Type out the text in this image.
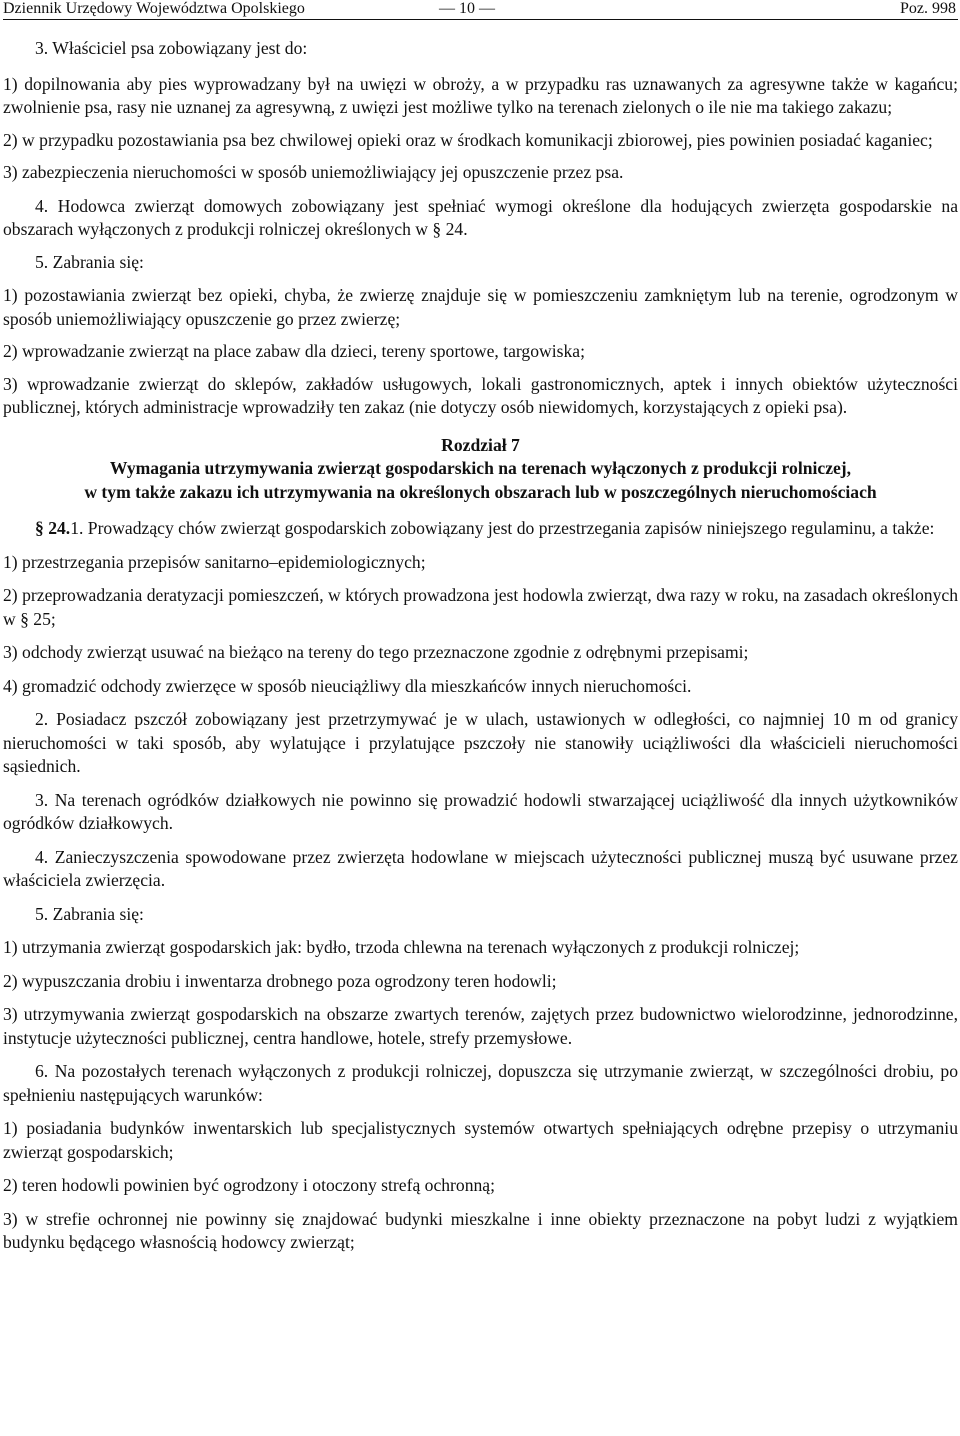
Dziennik Urzędowy Województwa Opolskiego	— 10 —	Poz. 998

3. Właściciel psa zobowiązany jest do:

1) dopilnowania aby pies wyprowadzany był na uwięzi w obroży, a w przypadku ras uznawanych za agresywne także w kagańcu; zwolnienie psa, rasy nie uznanej za agresywną, z uwięzi jest możliwe tylko na terenach zielonych o ile nie ma takiego zakazu;

2) w przypadku pozostawiania psa bez chwilowej opieki oraz w środkach komunikacji zbiorowej, pies powinien posiadać kaganiec;

3) zabezpieczenia nieruchomości w sposób uniemożliwiający jej opuszczenie przez psa.

4. Hodowca zwierząt domowych zobowiązany jest spełniać wymogi określone dla hodujących zwierzęta gospodarskie na obszarach wyłączonych z produkcji rolniczej określonych w § 24.

5. Zabrania się:

1) pozostawiania zwierząt bez opieki, chyba, że zwierzę znajduje się w pomieszczeniu zamkniętym lub na terenie, ogrodzonym w sposób uniemożliwiający opuszczenie go przez zwierzę;

2) wprowadzanie zwierząt na place zabaw dla dzieci, tereny sportowe, targowiska;

3) wprowadzanie zwierząt do sklepów, zakładów usługowych, lokali gastronomicznych, aptek i innych obiektów użyteczności publicznej, których administracje wprowadziły ten zakaz (nie dotyczy osób niewidomych, korzystających z opieki psa).

Rozdział 7

Wymagania utrzymywania zwierząt gospodarskich na terenach wyłączonych z produkcji rolniczej,
w tym także zakazu ich utrzymywania na określonych obszarach lub w poszczególnych nieruchomościach

§ 24.1. Prowadzący chów zwierząt gospodarskich zobowiązany jest do przestrzegania zapisów niniejszego regulaminu, a także:

1) przestrzegania przepisów sanitarno–epidemiologicznych;

2) przeprowadzania deratyzacji pomieszczeń, w których prowadzona jest hodowla zwierząt, dwa razy w roku, na zasadach określonych w § 25;

3) odchody zwierząt usuwać na bieżąco na tereny do tego przeznaczone zgodnie z odrębnymi przepisami;

4) gromadzić odchody zwierzęce w sposób nieuciążliwy dla mieszkańców innych nieruchomości.

2. Posiadacz pszczół zobowiązany jest przetrzymywać je w ulach, ustawionych w odległości, co najmniej 10 m od granicy nieruchomości w taki sposób, aby wylatujące i przylatujące pszczoły nie stanowiły uciążliwości dla właścicieli nieruchomości sąsiednich.

3. Na terenach ogródków działkowych nie powinno się prowadzić hodowli stwarzającej uciążliwość dla innych użytkowników ogródków działkowych.

4. Zanieczyszczenia spowodowane przez zwierzęta hodowlane w miejscach użyteczności publicznej muszą być usuwane przez właściciela zwierzęcia.

5. Zabrania się:

1) utrzymania zwierząt gospodarskich jak: bydło, trzoda chlewna na terenach wyłączonych z produkcji rolniczej;

2) wypuszczania drobiu i inwentarza drobnego poza ogrodzony teren hodowli;

3) utrzymywania zwierząt gospodarskich na obszarze zwartych terenów, zajętych przez budownictwo wielorodzinne, jednorodzinne, instytucje użyteczności publicznej, centra handlowe, hotele, strefy przemysłowe.

6. Na pozostałych terenach wyłączonych z produkcji rolniczej, dopuszcza się utrzymanie zwierząt, w szczególności drobiu, po spełnieniu następujących warunków:

1) posiadania budynków inwentarskich lub specjalistycznych systemów otwartych spełniających odrębne przepisy o utrzymaniu zwierząt gospodarskich;

2) teren hodowli powinien być ogrodzony i otoczony strefą ochronną;

3) w strefie ochronnej nie powinny się znajdować budynki mieszkalne i inne obiekty przeznaczone na pobyt ludzi z wyjątkiem budynku będącego własnością hodowcy zwierząt;
